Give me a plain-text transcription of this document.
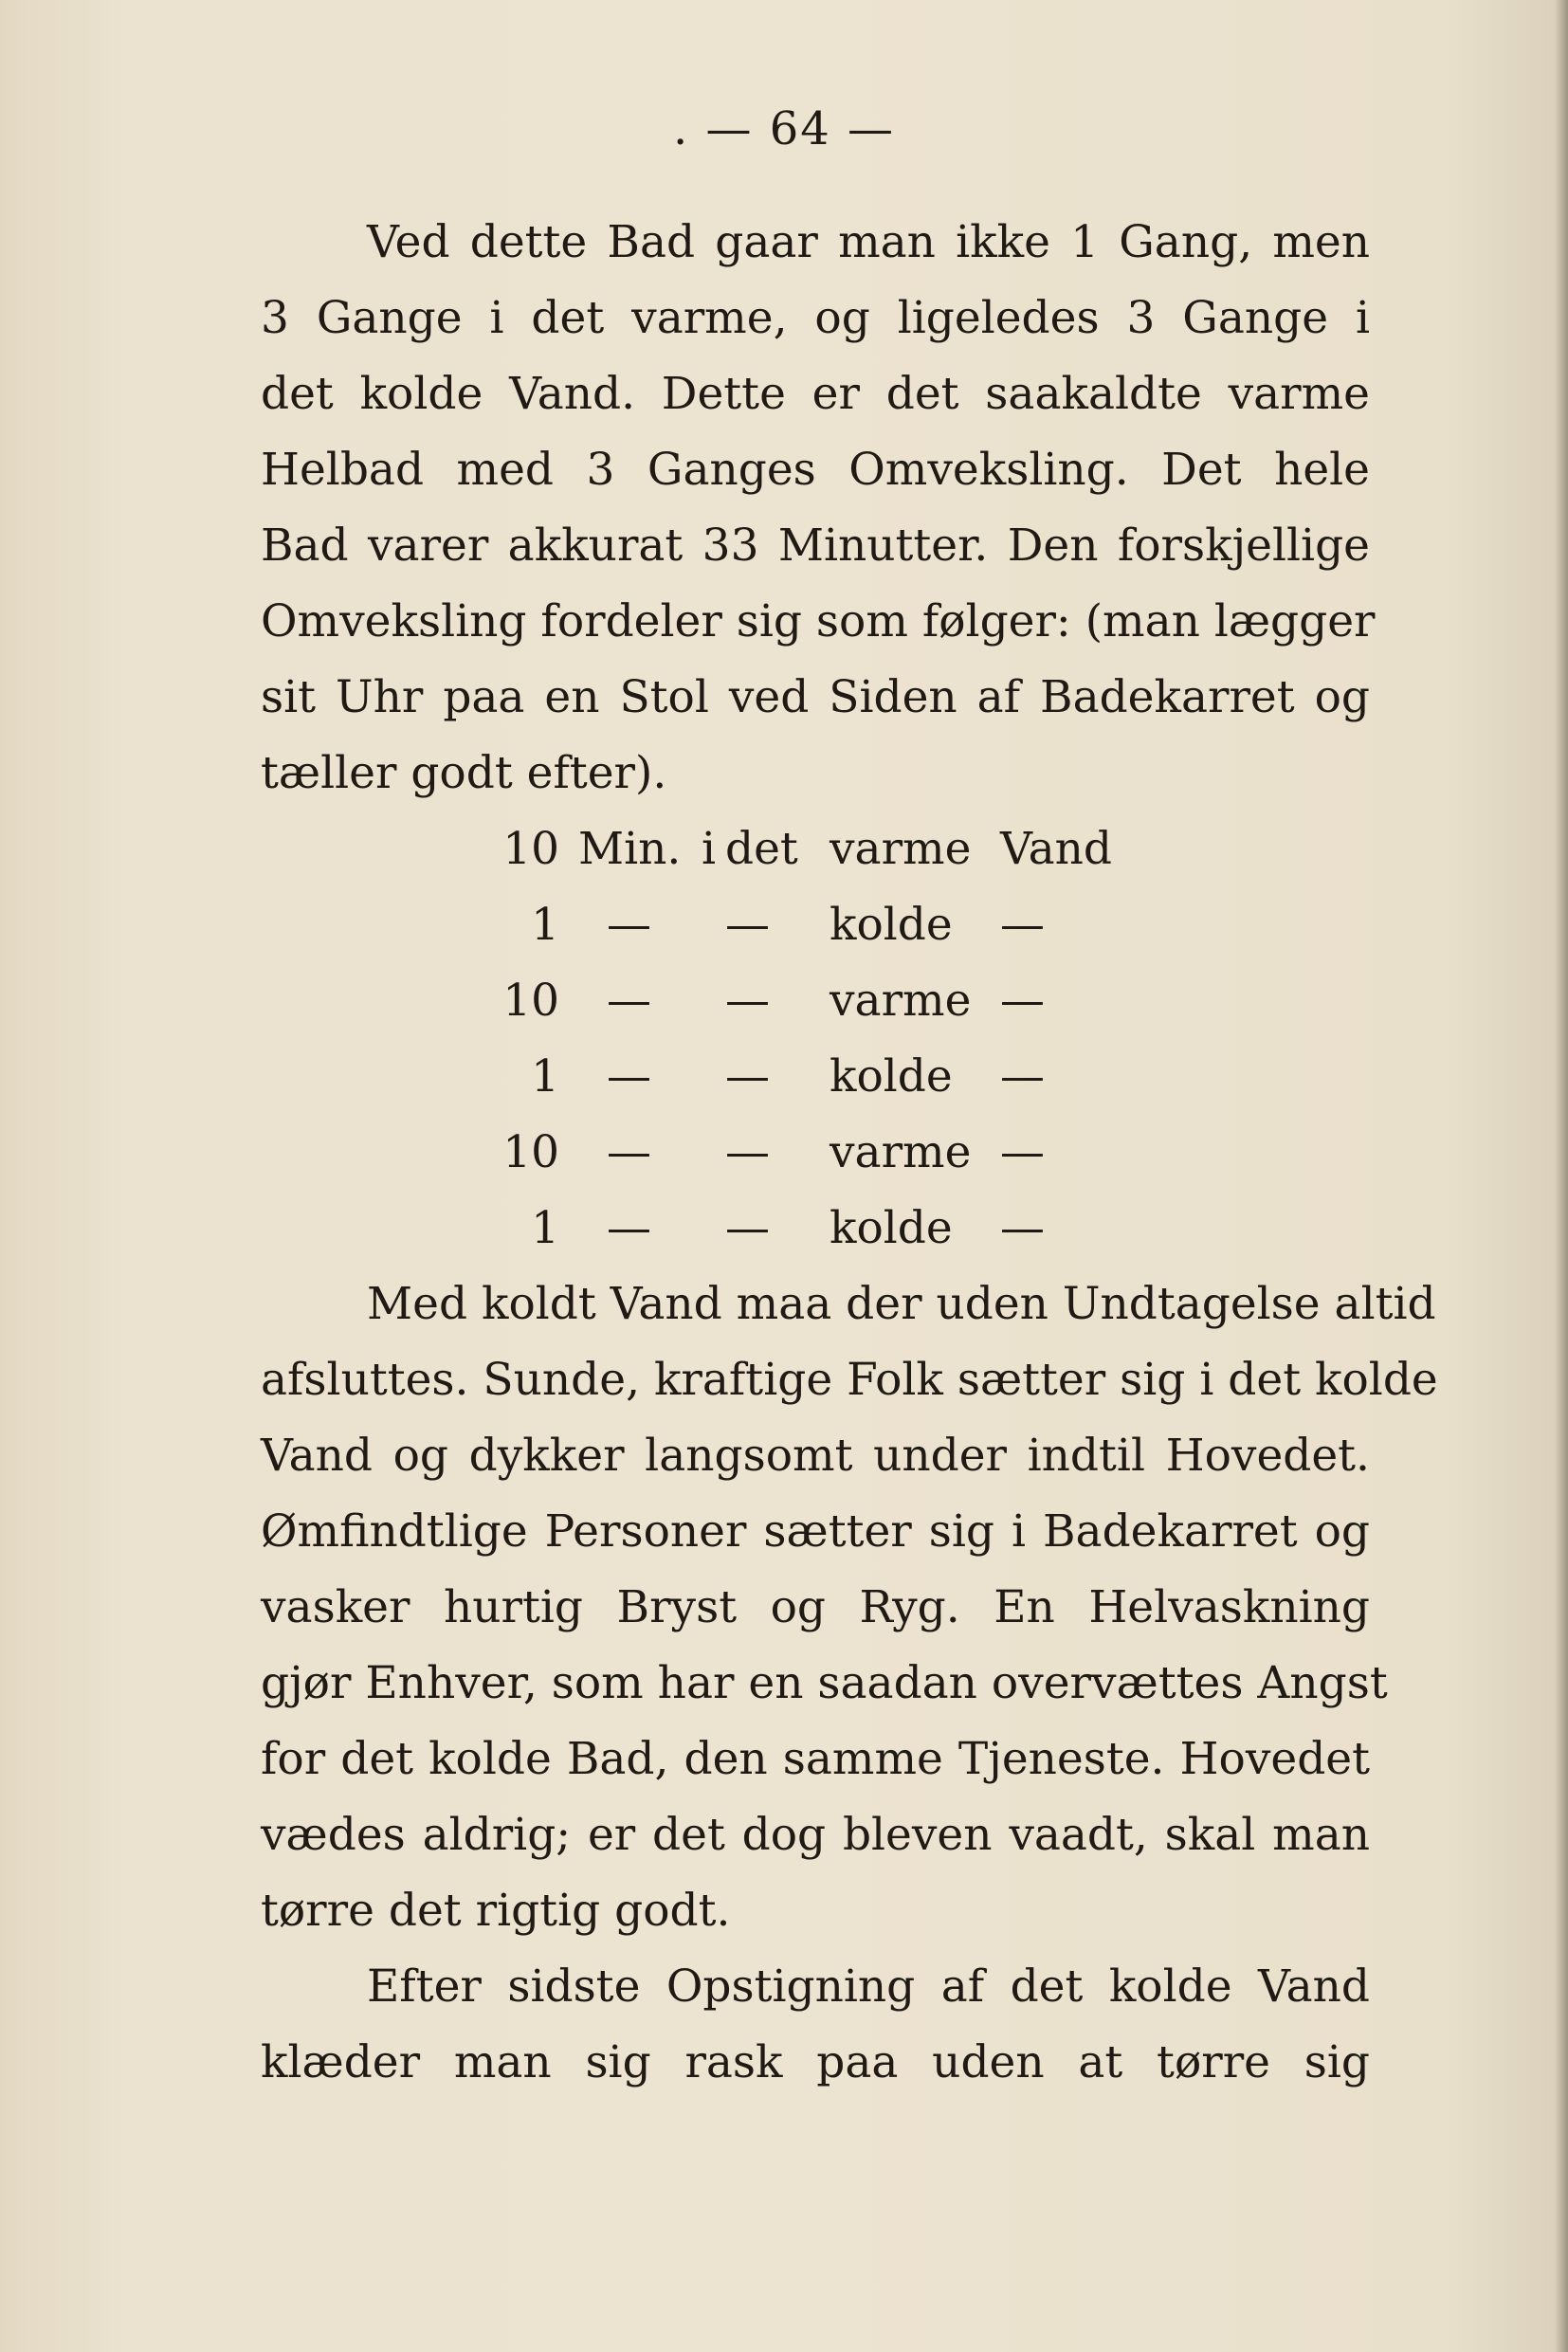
. — 64 —
Ved dette Bad gaar man ikke 1 Gang, men
3 Gange i det varme, og ligeledes 3 Gange i
det kolde Vand. Dette er det saakaldte varme
Helbad med 3 Ganges Omveksling. Det hele
Bad varer akkurat 33 Minutter. Den forskjellige
Omveksling fordeler sig som følger: (man lægger
sit Uhr paa en Stol ved Siden af Badekarret og
tæller godt efter).
10 Min. i det varme Vand
1 — — kolde —
10 — — varme —
1 — — kolde —
10 — — varme —
1 — — kolde —
Med koldt Vand maa der uden Undtagelse altid
afsluttes. Sunde, kraftige Folk sætter sig i det kolde
Vand og dykker langsomt under indtil Hovedet.
Ømfindtlige Personer sætter sig i Badekarret og
vasker hurtig Bryst og Ryg. En Helvaskning
gjør Enhver, som har en saadan overvættes Angst
for det kolde Bad, den samme Tjeneste. Hovedet
vædes aldrig; er det dog bleven vaadt, skal man
tørre det rigtig godt.
Efter sidste Opstigning af det kolde Vand
klæder man sig rask paa uden at tørre sig
